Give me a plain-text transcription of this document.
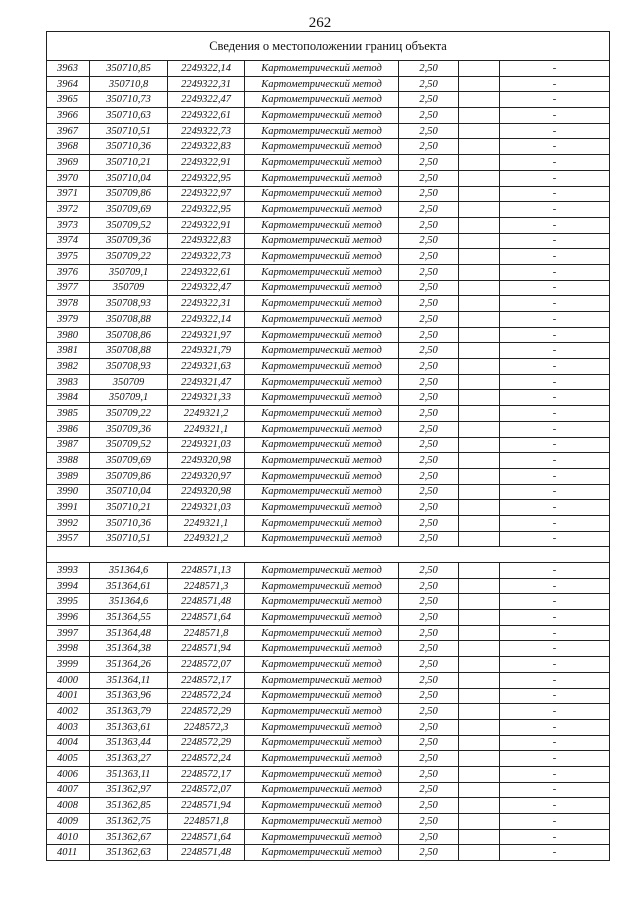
262
Сведения о местоположении границ объекта						
3963	350710,85	2249322,14	Картометрический метод	2,50		-
3964	350710,8	2249322,31	Картометрический метод	2,50		-
3965	350710,73	2249322,47	Картометрический метод	2,50		-
3966	350710,63	2249322,61	Картометрический метод	2,50		-
3967	350710,51	2249322,73	Картометрический метод	2,50		-
3968	350710,36	2249322,83	Картометрический метод	2,50		-
3969	350710,21	2249322,91	Картометрический метод	2,50		-
3970	350710,04	2249322,95	Картометрический метод	2,50		-
3971	350709,86	2249322,97	Картометрический метод	2,50		-
3972	350709,69	2249322,95	Картометрический метод	2,50		-
3973	350709,52	2249322,91	Картометрический метод	2,50		-
3974	350709,36	2249322,83	Картометрический метод	2,50		-
3975	350709,22	2249322,73	Картометрический метод	2,50		-
3976	350709,1	2249322,61	Картометрический метод	2,50		-
3977	350709	2249322,47	Картометрический метод	2,50		-
3978	350708,93	2249322,31	Картометрический метод	2,50		-
3979	350708,88	2249322,14	Картометрический метод	2,50		-
3980	350708,86	2249321,97	Картометрический метод	2,50		-
3981	350708,88	2249321,79	Картометрический метод	2,50		-
3982	350708,93	2249321,63	Картометрический метод	2,50		-
3983	350709	2249321,47	Картометрический метод	2,50		-
3984	350709,1	2249321,33	Картометрический метод	2,50		-
3985	350709,22	2249321,2	Картометрический метод	2,50		-
3986	350709,36	2249321,1	Картометрический метод	2,50		-
3987	350709,52	2249321,03	Картометрический метод	2,50		-
3988	350709,69	2249320,98	Картометрический метод	2,50		-
3989	350709,86	2249320,97	Картометрический метод	2,50		-
3990	350710,04	2249320,98	Картометрический метод	2,50		-
3991	350710,21	2249321,03	Картометрический метод	2,50		-
3992	350710,36	2249321,1	Картометрический метод	2,50		-
3957	350710,51	2249321,2	Картометрический метод	2,50		-

3993	351364,6	2248571,13	Картометрический метод	2,50		-
3994	351364,61	2248571,3	Картометрический метод	2,50		-
3995	351364,6	2248571,48	Картометрический метод	2,50		-
3996	351364,55	2248571,64	Картометрический метод	2,50		-
3997	351364,48	2248571,8	Картометрический метод	2,50		-
3998	351364,38	2248571,94	Картометрический метод	2,50		-
3999	351364,26	2248572,07	Картометрический метод	2,50		-
4000	351364,11	2248572,17	Картометрический метод	2,50		-
4001	351363,96	2248572,24	Картометрический метод	2,50		-
4002	351363,79	2248572,29	Картометрический метод	2,50		-
4003	351363,61	2248572,3	Картометрический метод	2,50		-
4004	351363,44	2248572,29	Картометрический метод	2,50		-
4005	351363,27	2248572,24	Картометрический метод	2,50		-
4006	351363,11	2248572,17	Картометрический метод	2,50		-
4007	351362,97	2248572,07	Картометрический метод	2,50		-
4008	351362,85	2248571,94	Картометрический метод	2,50		-
4009	351362,75	2248571,8	Картометрический метод	2,50		-
4010	351362,67	2248571,64	Картометрический метод	2,50		-
4011	351362,63	2248571,48	Картометрический метод	2,50		-
